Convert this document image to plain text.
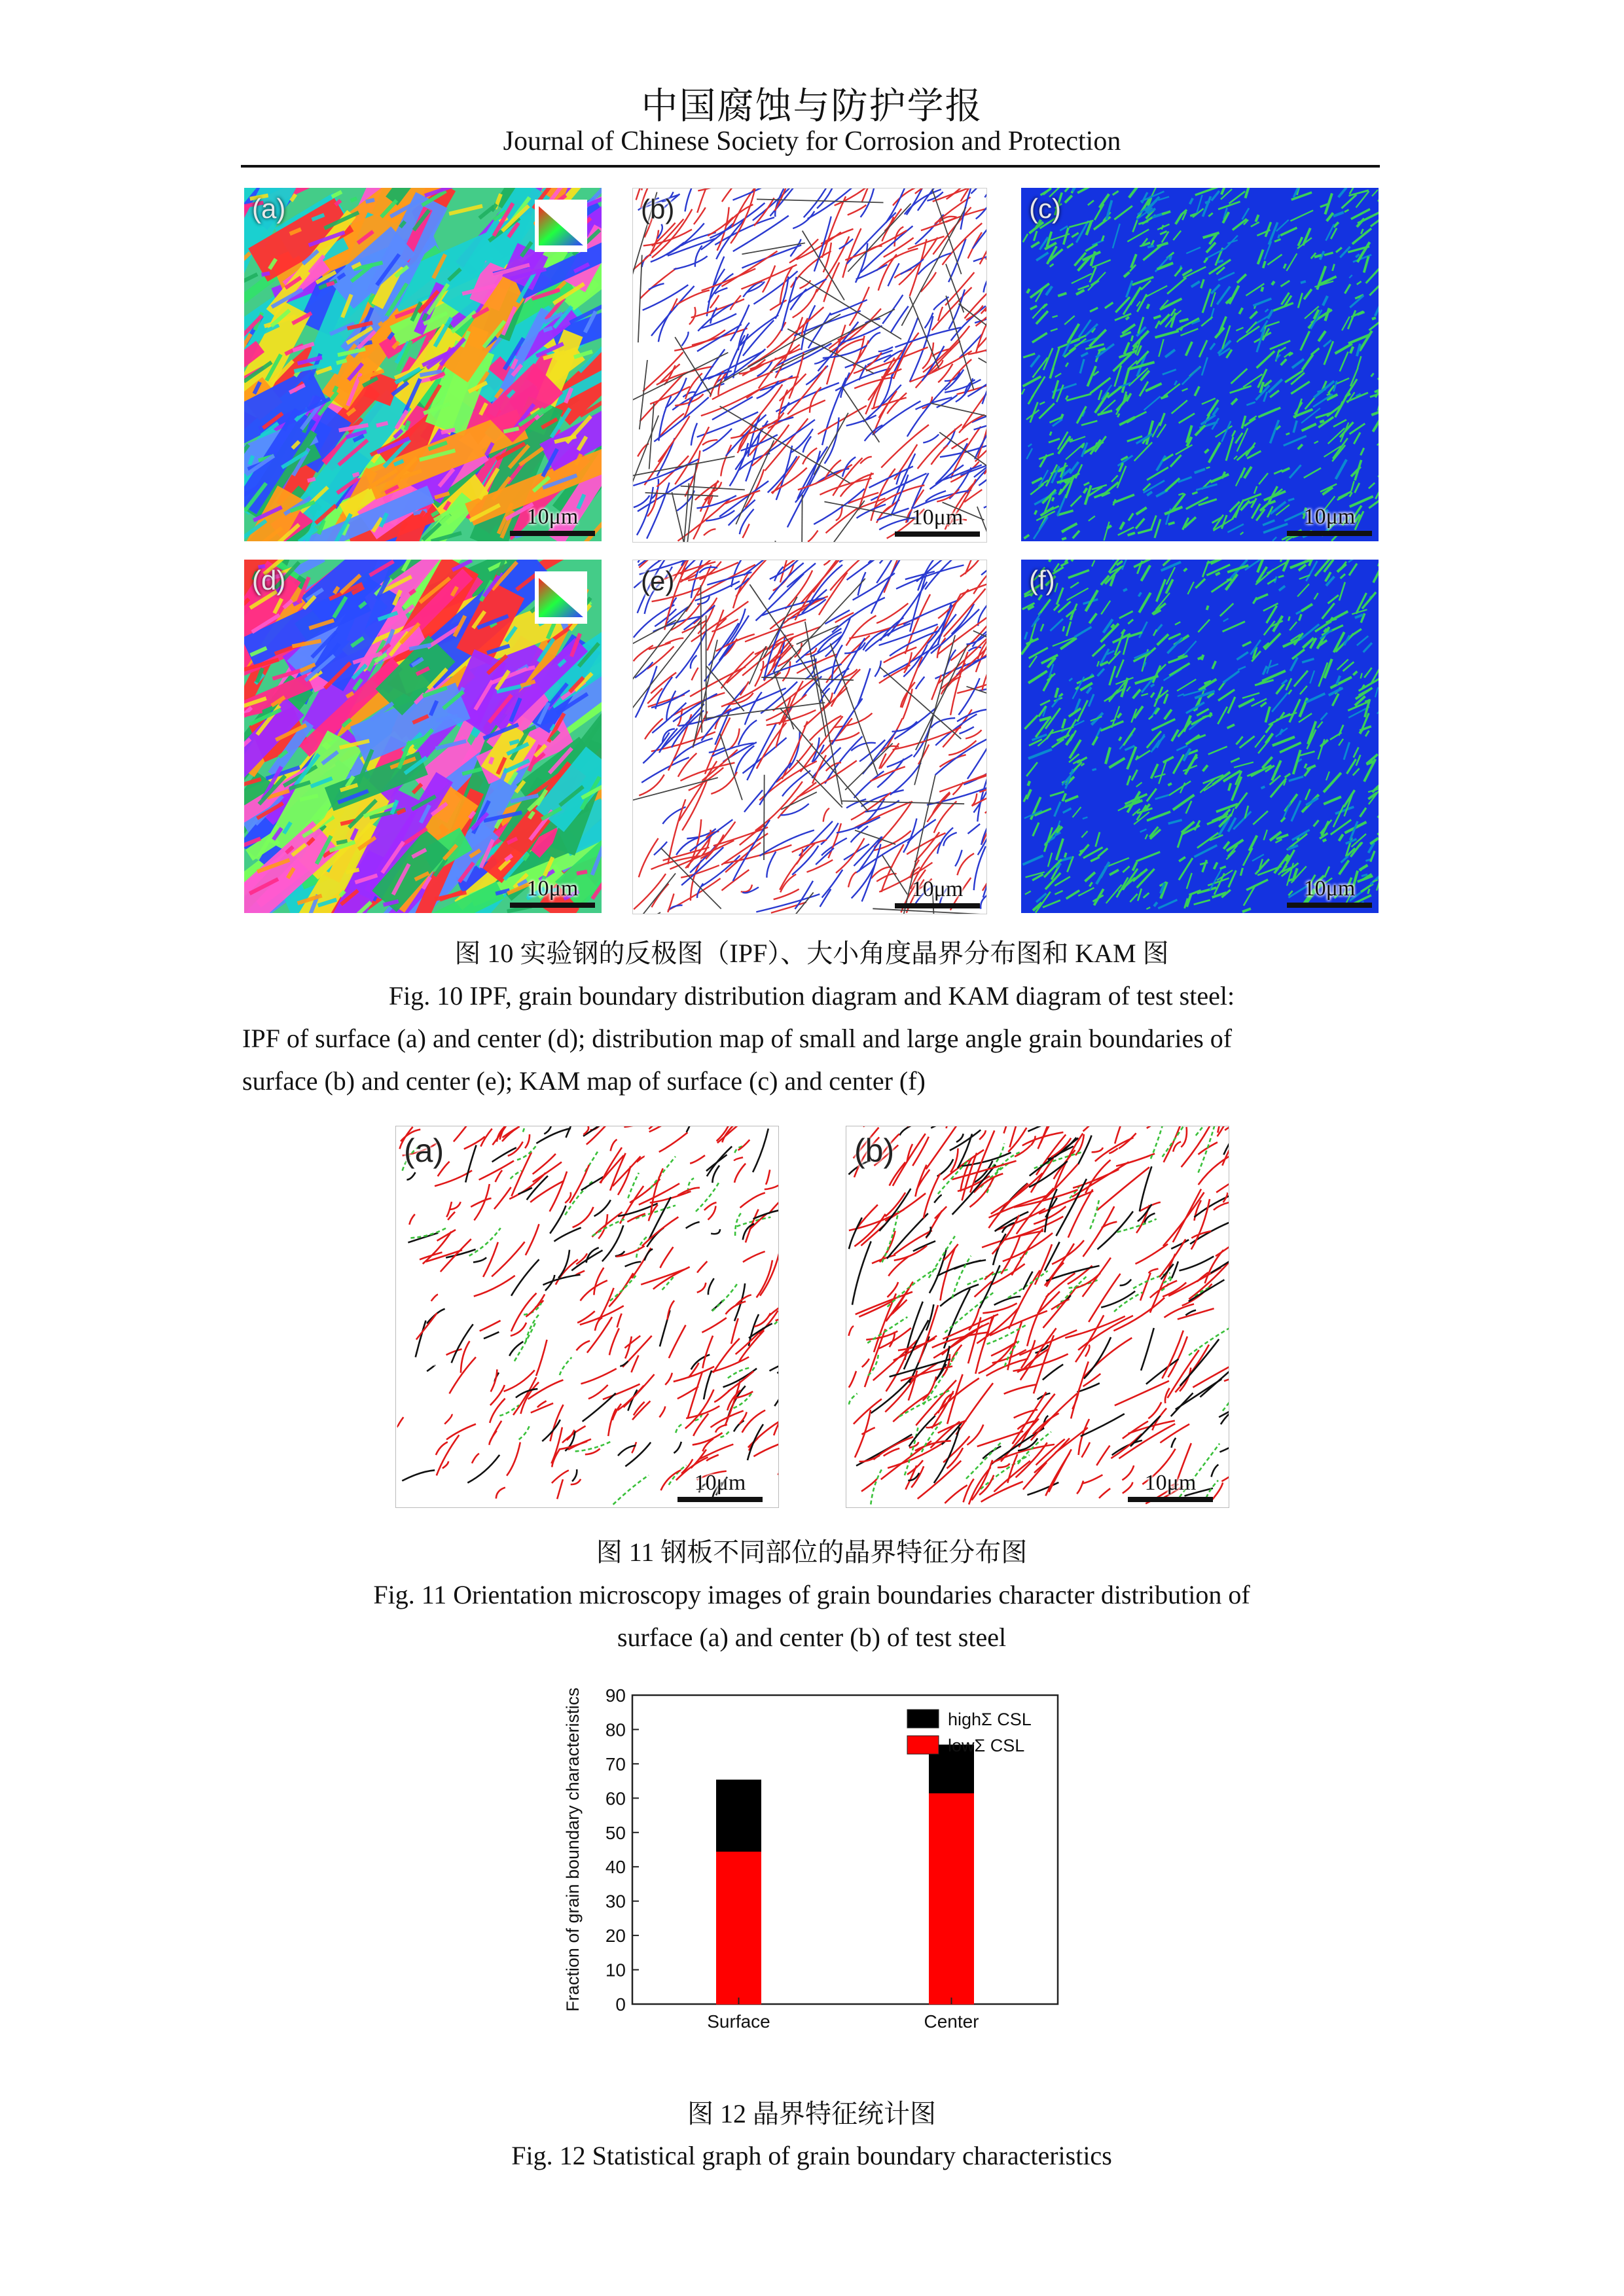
中国腐蚀与防护学报
Journal of Chinese Society for Corrosion and Protection
(a)
10μm
(b)
10μm
(c)
10μm
(d)
10μm
(e)
10μm
(f)
10μm
图 10 实验钢的反极图（IPF）、大小角度晶界分布图和 KAM 图
Fig. 10 IPF, grain boundary distribution diagram and KAM diagram of test steel:
IPF of surface (a) and center (d); distribution map of small and large angle grain boundaries of
surface (b) and center (e); KAM map of surface (c) and center (f)
(a)
10μm
(b)
10μm
图 11 钢板不同部位的晶界特征分布图
Fig. 11 Orientation microscopy images of grain boundaries character distribution of
surface (a) and center (b) of test steel
0
10
20
30
40
50
60
70
80
90
Fraction of grain boundary characteristics
Surface	Center
highΣ CSL
lowΣ CSL
图 12 晶界特征统计图
Fig. 12 Statistical graph of grain boundary characteristics
